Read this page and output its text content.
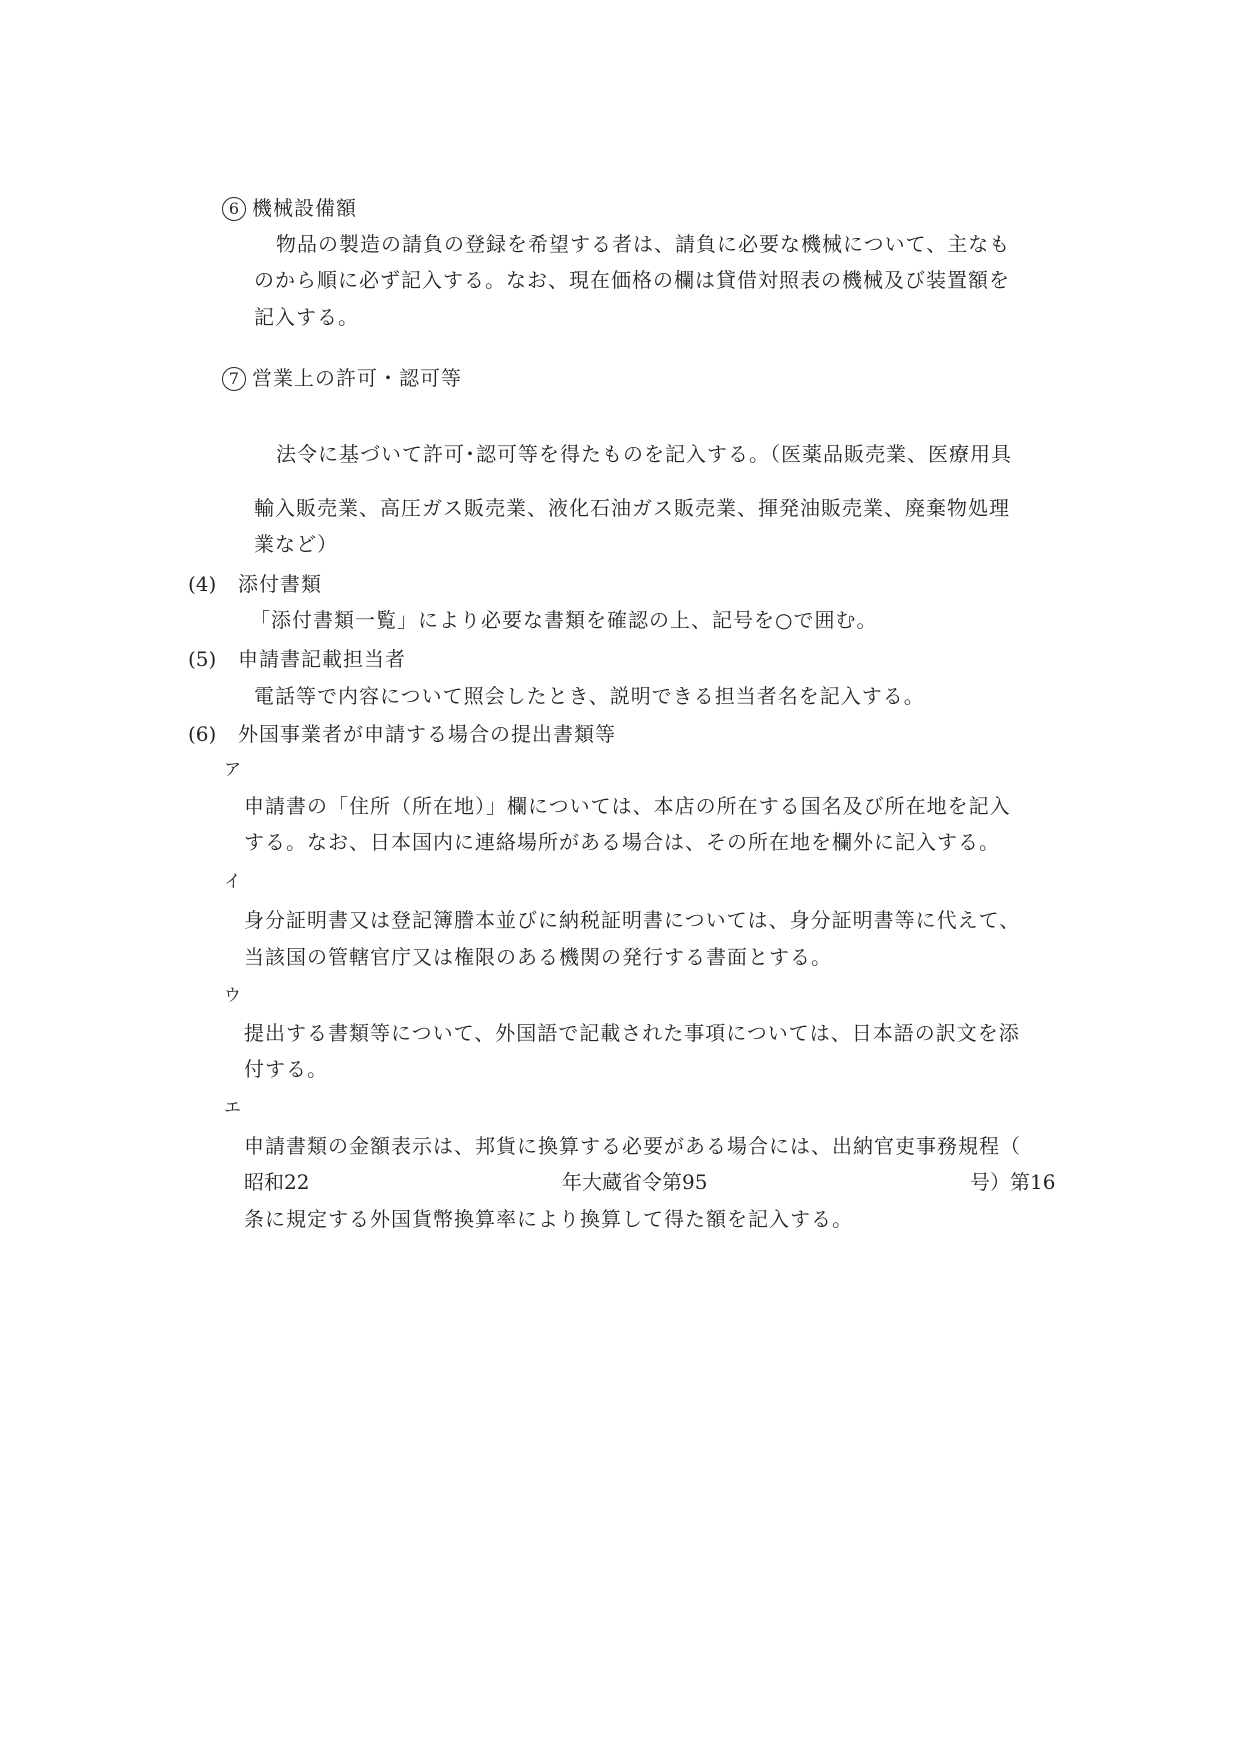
6 機械設備額
物品の製造の請負の登録を希望する者は、請負に必要な機械について、主なも
のから順に必ず記入する。なお、現在価格の欄は貸借対照表の機械及び装置額を
記入する。
7 営業上の許可・認可等
法令に基づいて許可･認可等を得たものを記入する。（医薬品販売業、医療用具
輸入販売業、高圧ガス販売業、液化石油ガス販売業、揮発油販売業、廃棄物処理
業など）
(4) 添付書類
「添付書類一覧」により必要な書類を確認の上、記号を○で囲む。
(5) 申請書記載担当者
電話等で内容について照会したとき、説明できる担当者名を記入する。
(6) 外国事業者が申請する場合の提出書類等
ア
申請書の「住所（所在地）」欄については、本店の所在する国名及び所在地を記入
する。なお、日本国内に連絡場所がある場合は、その所在地を欄外に記入する。
イ
身分証明書又は登記簿謄本並びに納税証明書については、身分証明書等に代えて、
当該国の管轄官庁又は権限のある機関の発行する書面とする。
ウ
提出する書類等について、外国語で記載された事項については、日本語の訳文を添
付する。
エ
申請書類の金額表示は、邦貨に換算する必要がある場合には、出納官吏事務規程（
昭和22	年大蔵省令第95	号）第16
条に規定する外国貨幣換算率により換算して得た額を記入する。
